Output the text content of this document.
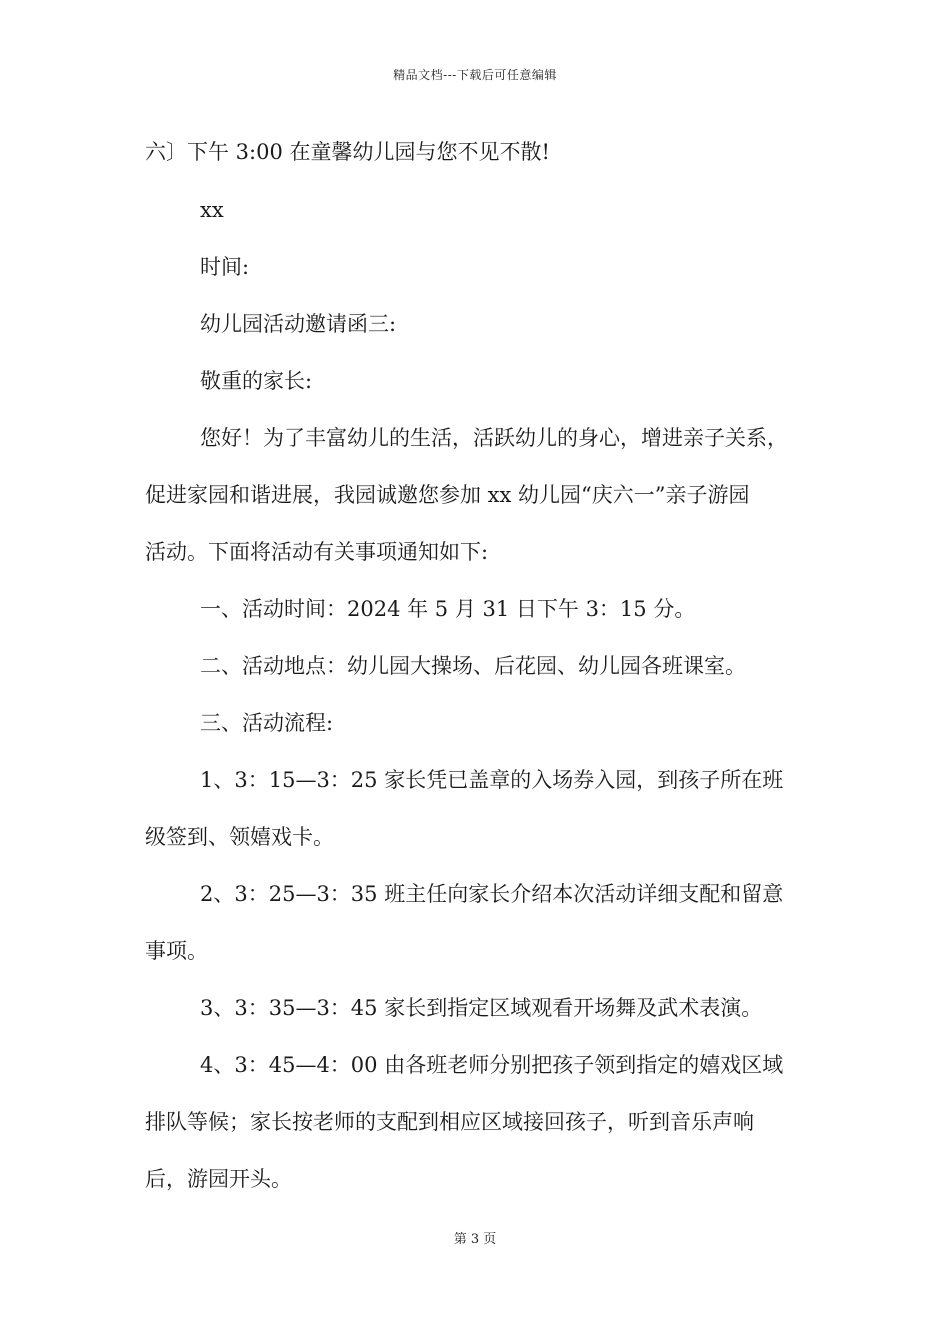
精品文档---下载后可任意编辑
六〕下午 3:00 在童馨幼儿园与您不见不散!
xx
时间:
幼儿园活动邀请函三:
敬重的家长:
您好！为了丰富幼儿的生活，活跃幼儿的身心，增进亲子关系，
促进家园和谐进展，我园诚邀您参加 xx 幼儿园“庆六一”亲子游园
活动。下面将活动有关事项通知如下:
一、活动时间：2024 年 5 月 31 日下午 3：15 分。
二、活动地点：幼儿园大操场、后花园、幼儿园各班课室。
三、活动流程:
1、3：15—3：25 家长凭已盖章的入场券入园，到孩子所在班
级签到、领嬉戏卡。
2、3：25—3：35 班主任向家长介绍本次活动详细支配和留意
事项。
3、3：35—3：45 家长到指定区域观看开场舞及武术表演。
4、3：45—4：00 由各班老师分别把孩子领到指定的嬉戏区域
排队等候；家长按老师的支配到相应区域接回孩子，听到音乐声响
后，游园开头。
第 3 页
